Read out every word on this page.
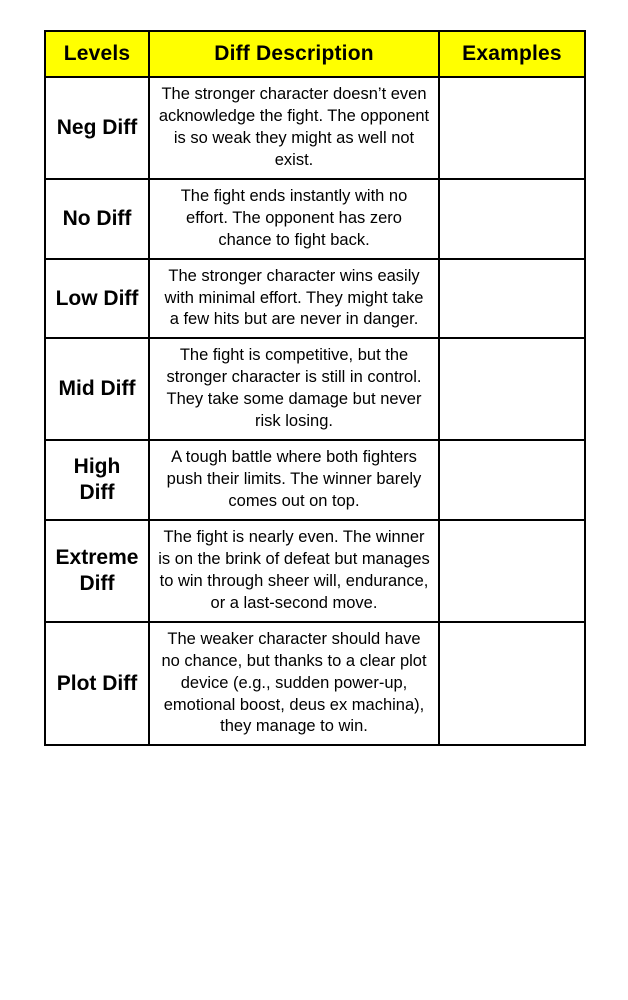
Levels	Diff Description	Examples
Neg Diff	The stronger character doesn’t even acknowledge the fight. The opponent is so weak they might as well not exist.	
No Diff	The fight ends instantly with no effort. The opponent has zero chance to fight back.	
Low Diff	The stronger character wins easily with minimal effort. They might take a few hits but are never in danger.	
Mid Diff	The fight is competitive, but the stronger character is still in control. They take some damage but never risk losing.	
High Diff	A tough battle where both fighters push their limits. The winner barely comes out on top.	
Extreme Diff	The fight is nearly even. The winner is on the brink of defeat but manages to win through sheer will, endurance, or a last-second move.	
Plot Diff	The weaker character should have no chance, but thanks to a clear plot device (e.g., sudden power-up, emotional boost, deus ex machina), they manage to win.	
